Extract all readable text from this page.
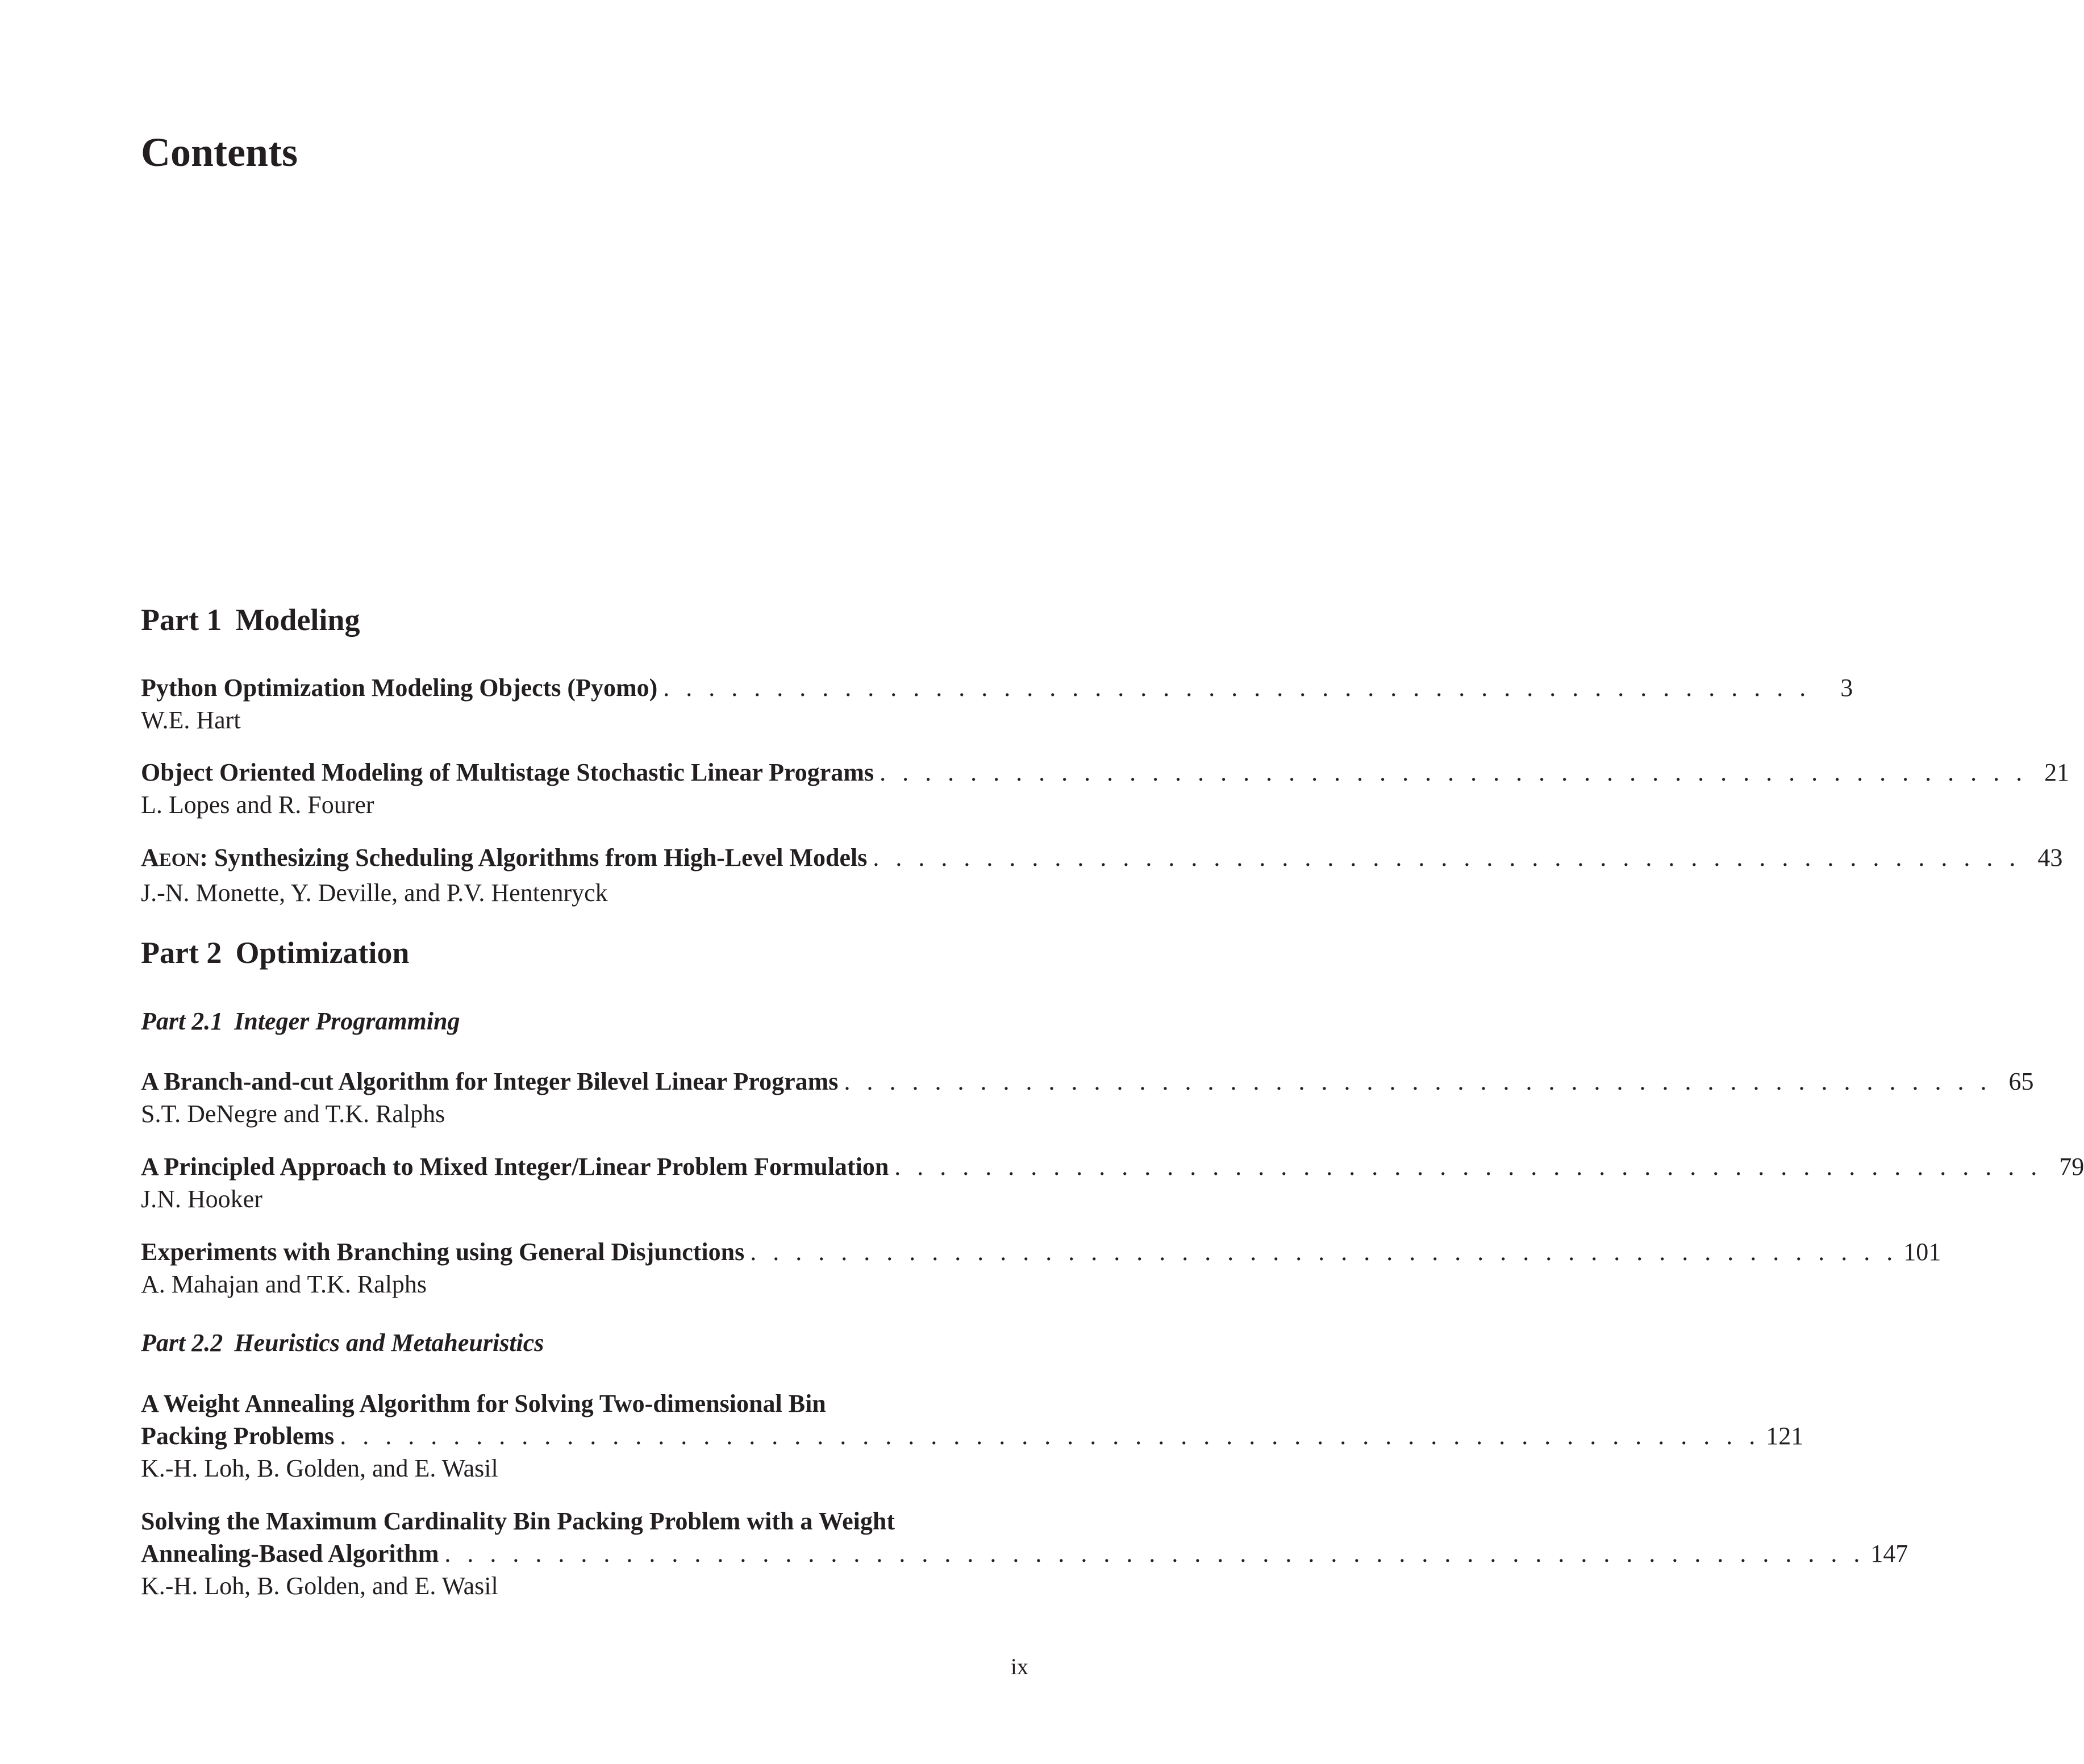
Contents
Part 1 Modeling
Python Optimization Modeling Objects (Pyomo) . . . . . . . . . . . . . . . . . . . . . . . . . . . . . . . . . . . . . . . . . . . . . . . . . . .	3
W.E. Hart
Object Oriented Modeling of Multistage Stochastic Linear Programs . . . . . . . . . . . . . . . . . . . . . . . . . . . . . . . . . . . . . . . . . . . . . . . . . . . 21
L. Lopes and R. Fourer
AEON: Synthesizing Scheduling Algorithms from High-Level Models . . . . . . . . . . . . . . . . . . . . . . . . . . . . . . . . . . . . . . . . . . . . . . . . . . . 43
J.-N. Monette, Y. Deville, and P.V. Hentenryck
Part 2 Optimization
Part 2.1 Integer Programming
A Branch-and-cut Algorithm for Integer Bilevel Linear Programs . . . . . . . . . . . . . . . . . . . . . . . . . . . . . . . . . . . . . . . . . . . . . . . . . . . 65
S.T. DeNegre and T.K. Ralphs
A Principled Approach to Mixed Integer/Linear Problem Formulation . . . . . . . . . . . . . . . . . . . . . . . . . . . . . . . . . . . . . . . . . . . . . . . . . . . 79
J.N. Hooker
Experiments with Branching using General Disjunctions . . . . . . . . . . . . . . . . . . . . . . . . . . . . . . . . . . . . . . . . . . . . . . . . . . . 101
A. Mahajan and T.K. Ralphs
Part 2.2 Heuristics and Metaheuristics
A Weight Annealing Algorithm for Solving Two-dimensional Bin
Packing Problems . . . . . . . . . . . . . . . . . . . . . . . . . . . . . . . . . . . . . . . . . . . . . . . . . . . . . . . . . . . . . . . 121
K.-H. Loh, B. Golden, and E. Wasil
Solving the Maximum Cardinality Bin Packing Problem with a Weight
Annealing-Based Algorithm . . . . . . . . . . . . . . . . . . . . . . . . . . . . . . . . . . . . . . . . . . . . . . . . . . . . . . . . . . . . . . . 147
K.-H. Loh, B. Golden, and E. Wasil
ix
